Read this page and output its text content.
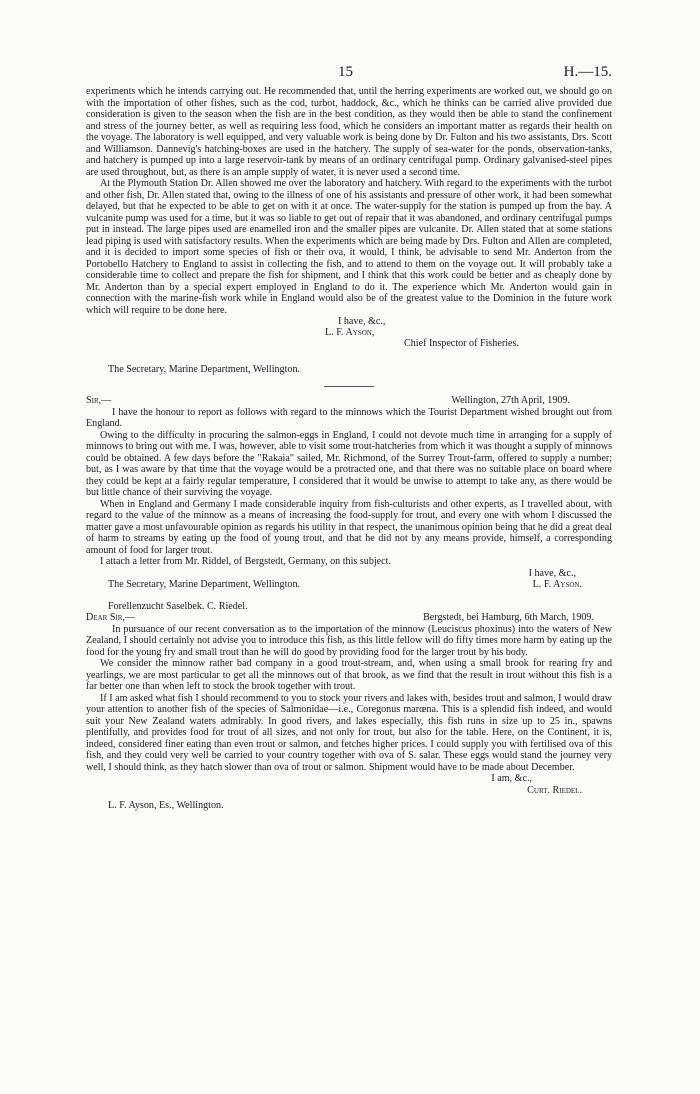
15	H.—15.

experiments which he intends carrying out. He recommended that, until the herring experiments are worked out, we should go on with the importation of other fishes, such as the cod, turbot, haddock, &c., which he thinks can be carried alive provided due consideration is given to the season when the fish are in the best condition, as they would then be able to stand the confinement and stress of the journey better, as well as requiring less food, which he considers an important matter as regards their health on the voyage. The laboratory is well equipped, and very valuable work is being done by Dr. Fulton and his two assistants, Drs. Scott and Williamson. Dannevig's hatching-boxes are used in the hatchery. The supply of sea-water for the ponds, observation-tanks, and hatchery is pumped up into a large reservoir-tank by means of an ordinary centrifugal pump. Ordinary galvanised-steel pipes are used throughout, but, as there is an ample supply of water, it is never used a second time.

At the Plymouth Station Dr. Allen showed me over the laboratory and hatchery. With regard to the experiments with the turbot and other fish, Dr. Allen stated that, owing to the illness of one of his assistants and pressure of other work, it had been somewhat delayed, but that he expected to be able to get on with it at once. The water-supply for the station is pumped up from the bay. A vulcanite pump was used for a time, but it was so liable to get out of repair that it was abandoned, and ordinary centrifugal pumps put in instead. The large pipes used are enamelled iron and the smaller pipes are vulcanite. Dr. Allen stated that at some stations lead piping is used with satisfactory results. When the experiments which are being made by Drs. Fulton and Allen are completed, and it is decided to import some species of fish or their ova, it would, I think, be advisable to send Mr. Anderton from the Portobello Hatchery to England to assist in collecting the fish, and to attend to them on the voyage out. It will probably take a considerable time to collect and prepare the fish for shipment, and I think that this work could be better and as cheaply done by Mr. Anderton than by a special expert employed in England to do it. The experience which Mr. Anderton would gain in connection with the marine-fish work while in England would also be of the greatest value to the Dominion in the future work which will require to be done here.

I have, &c.,
L. F. Ayson,
Chief Inspector of Fisheries.
The Secretary, Marine Department, Wellington.
Sir,—	Wellington, 27th April, 1909.

I have the honour to report as follows with regard to the minnows which the Tourist Department wished brought out from England.

Owing to the difficulty in procuring the salmon-eggs in England, I could not devote much time in arranging for a supply of minnows to bring out with me. I was, however, able to visit some trout-hatcheries from which it was thought a supply of minnows could be obtained. A few days before the "Rakaia" sailed, Mr. Richmond, of the Surrey Trout-farm, offered to supply a number; but, as I was aware by that time that the voyage would be a protracted one, and that there was no suitable place on board where they could be kept at a fairly regular temperature, I considered that it would be unwise to attempt to take any, as there would be but little chance of their surviving the voyage.

When in England and Germany I made considerable inquiry from fish-culturists and other experts, as I travelled about, with regard to the value of the minnow as a means of increasing the food-supply for trout, and every one with whom I discussed the matter gave a most unfavourable opinion as regards his utility in that respect, the unanimous opinion being that he did a great deal of harm to streams by eating up the food of young trout, and that he did not by any means provide, himself, a corresponding amount of food for larger trout.

I attach a letter from Mr. Riddel, of Bergstedt, Germany, on this subject.

I have, &c.,
The Secretary, Marine Department, Wellington.	L. F. Ayson.
Forellenzucht Saselbek. C. Riedel.
Dear Sir,—	Bergstedt, bei Hamburg, 6th March, 1909.

In pursuance of our recent conversation as to the importation of the minnow (Leuciscus phoxinus) into the waters of New Zealand, I should certainly not advise you to introduce this fish, as this little fellow will do fifty times more harm by eating up the food for the young fry and small trout than he will do good by providing food for the larger trout by his body.

We consider the minnow rather bad company in a good trout-stream, and, when using a small brook for rearing fry and yearlings, we are most particular to get all the minnows out of that brook, as we find that the result in trout without this fish is a far better one than when left to stock the brook together with trout.

If I am asked what fish I should recommend to you to stock your rivers and lakes with, besides trout and salmon, I would draw your attention to another fish of the species of Salmonidae—i.e., Coregonus marœna. This is a splendid fish indeed, and would suit your New Zealand waters admirably. In good rivers, and lakes especially, this fish runs in size up to 25 in., spawns plentifully, and provides food for trout of all sizes, and not only for trout, but also for the table. Here, on the Continent, it is, indeed, considered finer eating than even trout or salmon, and fetches higher prices. I could supply you with fertilised ova of this fish, and they could very well be carried to your country together with ova of S. salar. These eggs would stand the journey very well, I should think, as they hatch slower than ova of trout or salmon. Shipment would have to be made about December.

I am, &c.,
Curt. Riedel.
L. F. Ayson, Es., Wellington.
